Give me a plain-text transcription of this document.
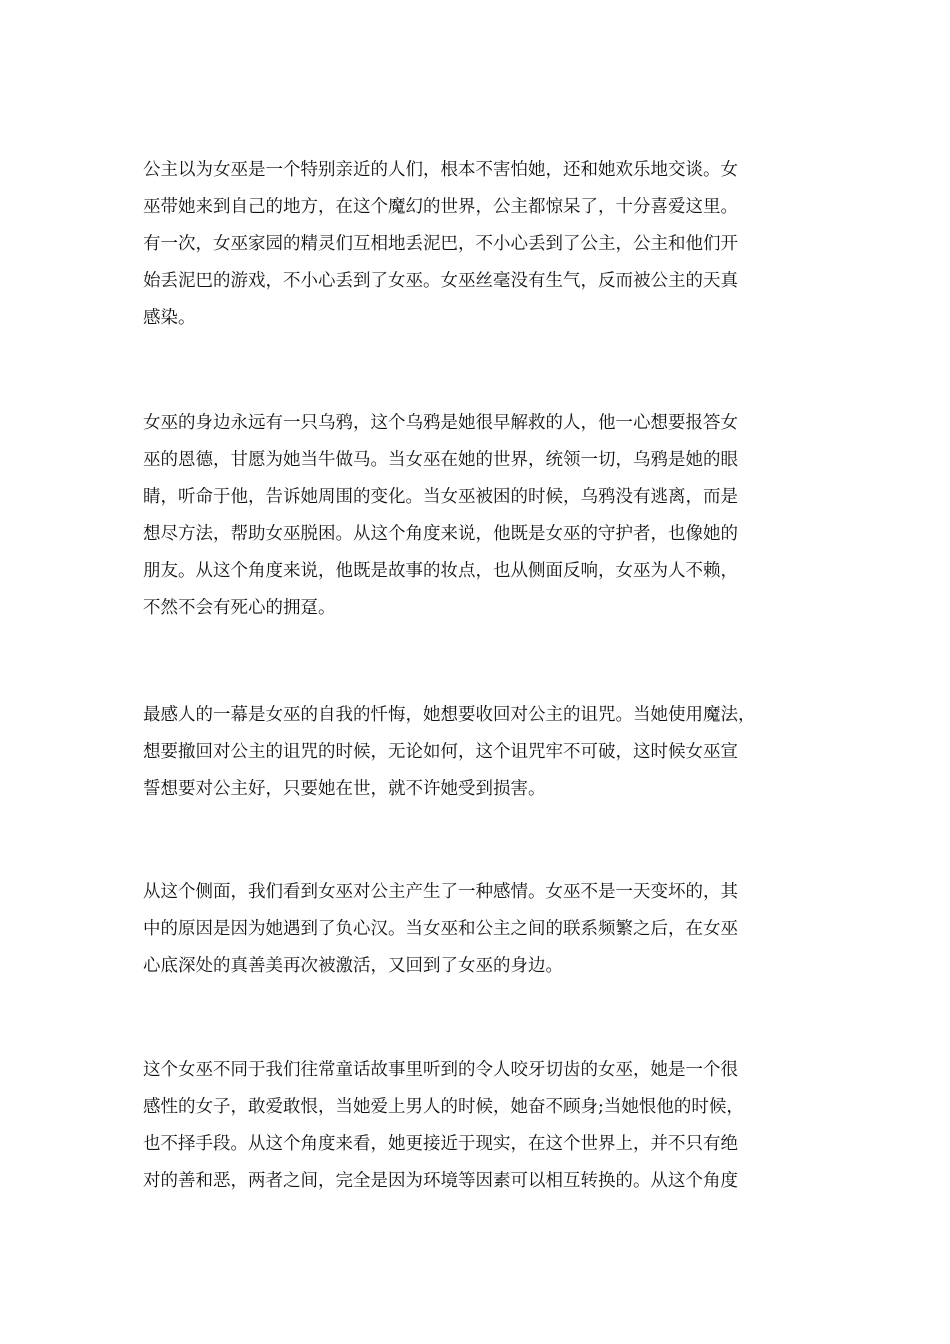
公主以为女巫是一个特别亲近的人们，根本不害怕她，还和她欢乐地交谈。女
巫带她来到自己的地方，在这个魔幻的世界，公主都惊呆了，十分喜爱这里。
有一次，女巫家园的精灵们互相地丢泥巴，不小心丢到了公主，公主和他们开
始丢泥巴的游戏，不小心丢到了女巫。女巫丝毫没有生气，反而被公主的天真
感染。
女巫的身边永远有一只乌鸦，这个乌鸦是她很早解救的人，他一心想要报答女
巫的恩德，甘愿为她当牛做马。当女巫在她的世界，统领一切，乌鸦是她的眼
睛，听命于他，告诉她周围的变化。当女巫被困的时候，乌鸦没有逃离，而是
想尽方法，帮助女巫脱困。从这个角度来说，他既是女巫的守护者，也像她的
朋友。从这个角度来说，他既是故事的妆点，也从侧面反响，女巫为人不赖，
不然不会有死心的拥趸。
最感人的一幕是女巫的自我的忏悔，她想要收回对公主的诅咒。当她使用魔法，
想要撤回对公主的诅咒的时候，无论如何，这个诅咒牢不可破，这时候女巫宣
誓想要对公主好，只要她在世，就不许她受到损害。
从这个侧面，我们看到女巫对公主产生了一种感情。女巫不是一天变坏的，其
中的原因是因为她遇到了负心汉。当女巫和公主之间的联系频繁之后，在女巫
心底深处的真善美再次被激活，又回到了女巫的身边。
这个女巫不同于我们往常童话故事里听到的令人咬牙切齿的女巫，她是一个很
感性的女子，敢爱敢恨，当她爱上男人的时候，她奋不顾身;当她恨他的时候，
也不择手段。从这个角度来看，她更接近于现实，在这个世界上，并不只有绝
对的善和恶，两者之间，完全是因为环境等因素可以相互转换的。从这个角度
